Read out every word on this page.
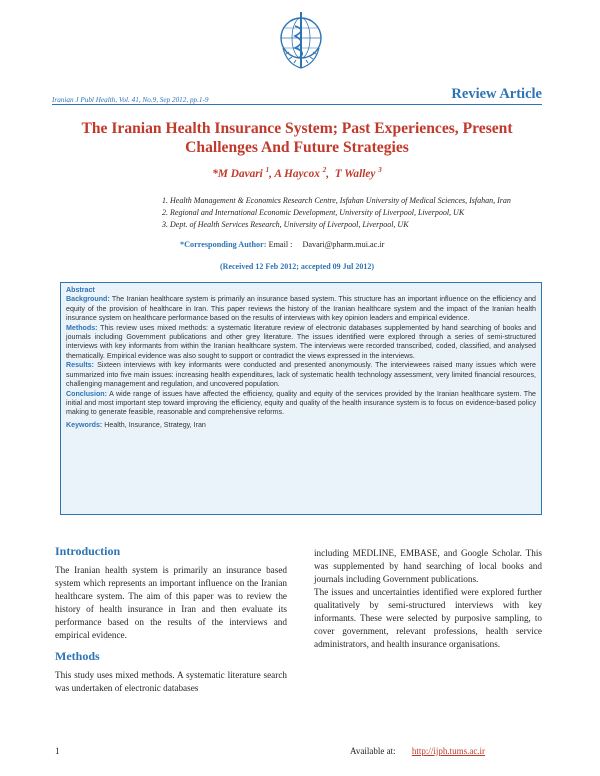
Iranian J Publ Health, Vol. 41, No.9, Sep 2012, pp.1-9	Review Article
The Iranian Health Insurance System; Past Experiences, Present
Challenges And Future Strategies
*M Davari $^1$, A Haycox $^2$,  T Walley $^3$
1. Health Management & Economics Research Centre, Isfahan University of Medical Sciences, Isfahan, Iran
2. Regional and International Economic Development, University of Liverpool, Liverpool, UK
3. Dept. of Health Services Research, University of Liverpool, Liverpool, UK
*Corresponding Author: Email : Davari@pharm.mui.ac.ir
(Received 12 Feb 2012; accepted 09 Jul 2012)
Abstract
Background: The Iranian healthcare system is primarily an insurance based system. This structure has an important influence on the efficiency and equity of the provision of healthcare in Iran. This paper reviews the history of the Iranian healthcare system and the impact of the Iranian health insurance system on healthcare performance based on the results of interviews with key opinion leaders and empirical evidence.
Methods: This review uses mixed methods: a systematic literature review of electronic databases supplemented by hand searching of books and journals including Government publications and other grey literature. The issues identified were explored through a series of semi-structured interviews with key informants from within the Iranian healthcare system. The interviews were recorded transcribed, coded, classified, and analysed thematically. Empirical evidence was also sought to support or contradict the views expressed in the interviews.
Results: Sixteen interviews with key informants were conducted and presented anonymously. The interviewees raised many issues which were summarized into five main issues: increasing health expenditures, lack of systematic health technology assessment, very limited financial resources, challenging management and regulation, and uncovered population.
Conclusion: A wide range of issues have affected the efficiency, quality and equity of the services provided by the Iranian healthcare system. The initial and most important step toward improving the efficiency, equity and quality of the health insurance system is to focus on evidence-based policy making to generate feasible, reasonable and comprehensive reforms.
Keywords: Health, Insurance, Strategy, Iran
Introduction

The Iranian health system is primarily an insurance based system which represents an important influence on the Iranian healthcare system. The aim of this paper was to review the history of health insurance in Iran and then evaluate its performance based on the results of the interviews and empirical evidence.

Methods

This study uses mixed methods. A systematic literature search was undertaken of electronic databases

including MEDLINE, EMBASE, and Google Scholar. This was supplemented by hand searching of local books and journals including Government publications.

The issues and uncertainties identified were explored further qualitatively by semi-structured interviews with key informants. These were selected by purposive sampling, to cover government, relevant professions, health service administrators, and health insurance organisations.

1	Available at: http://ijph.tums.ac.ir
